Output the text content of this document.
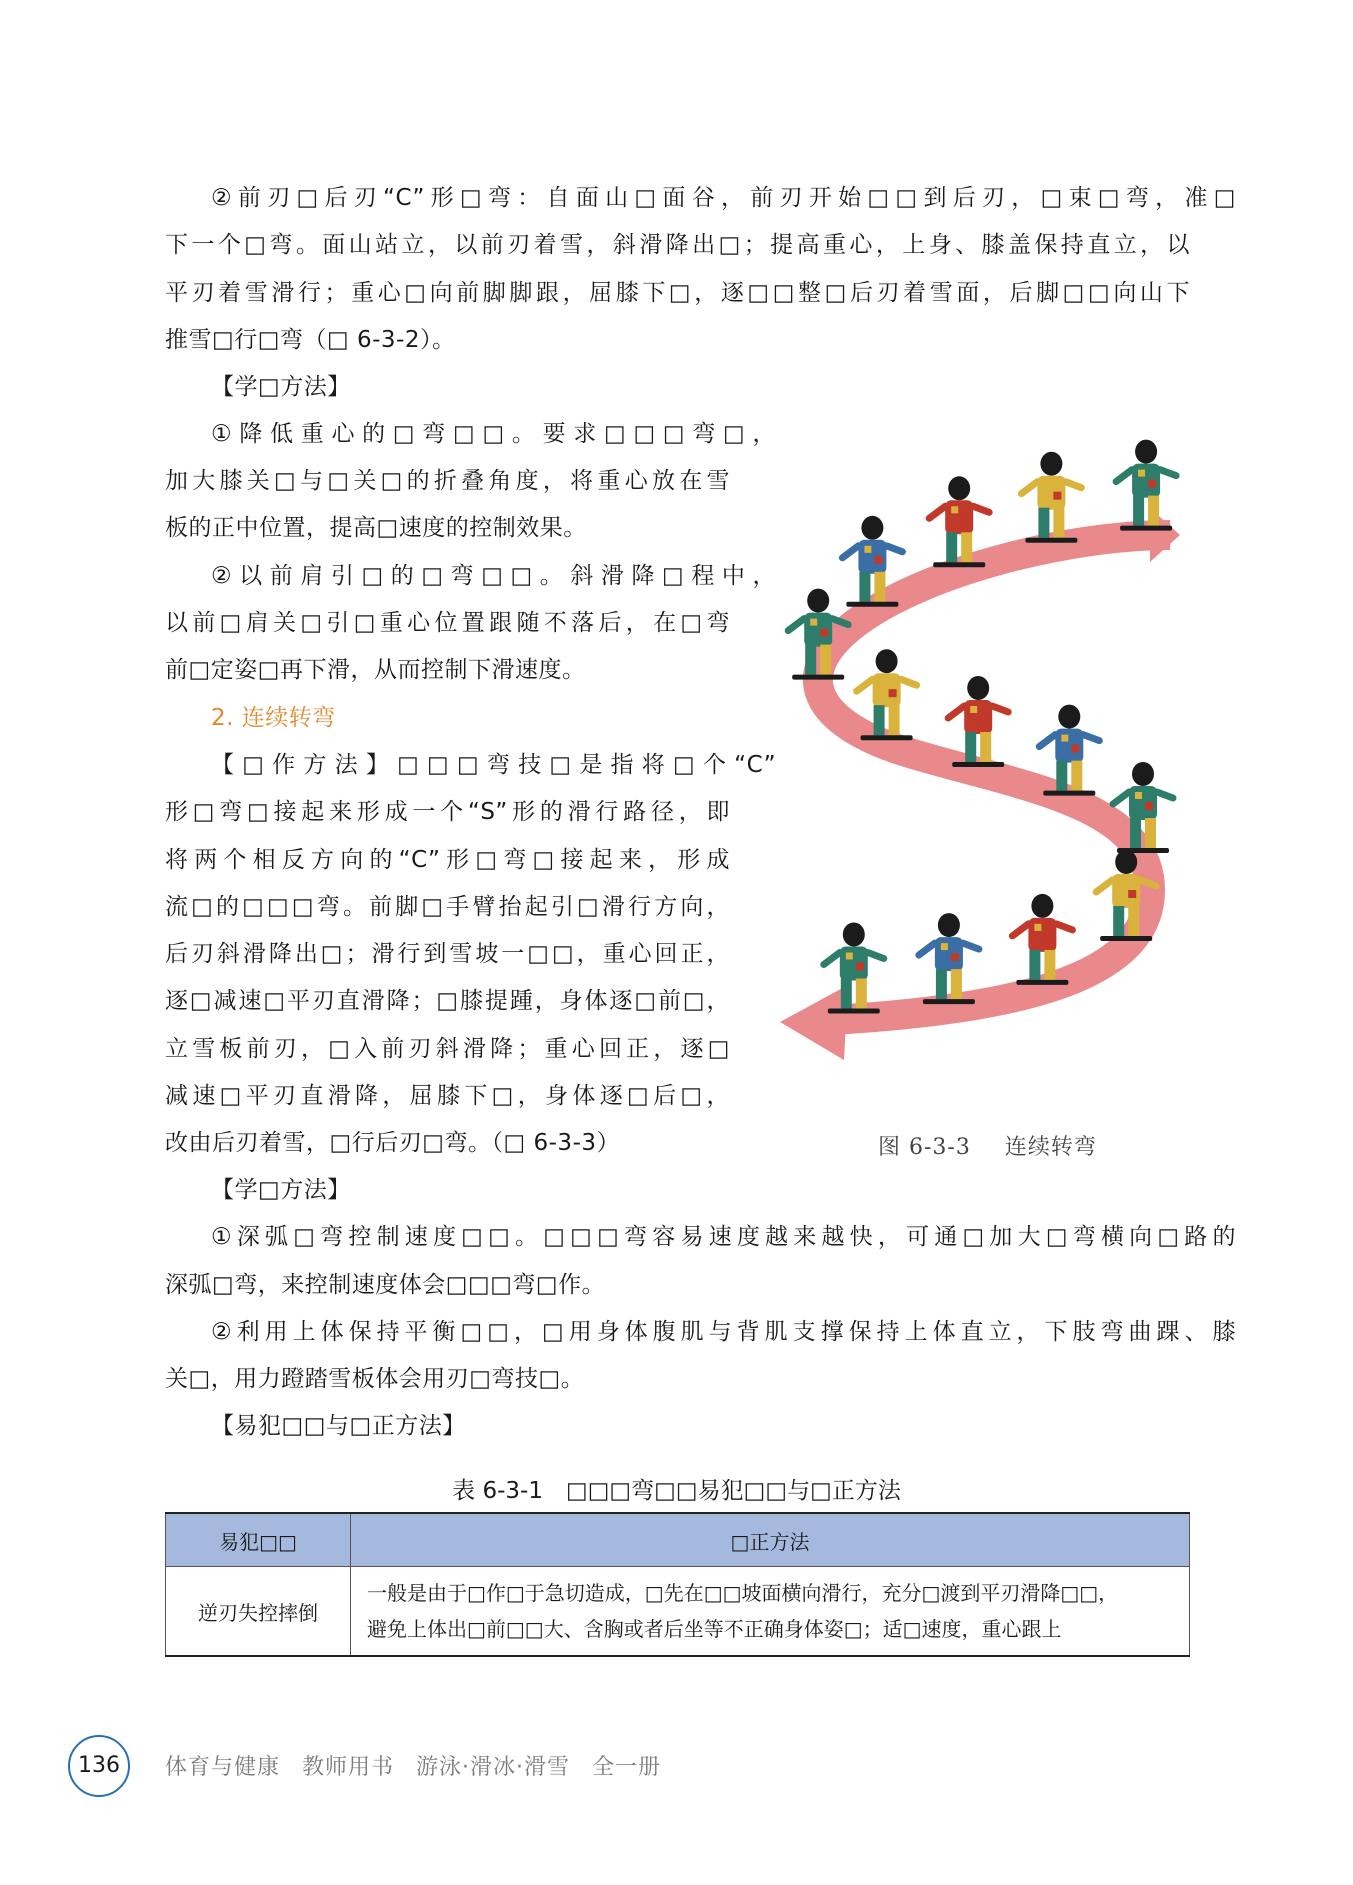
②前刃□后刃“C”形□弯：自面山□面谷，前刃开始□□到后刃，□束□弯，准□
下一个□弯。面山站立，以前刃着雪，斜滑降出□；提高重心，上身、膝盖保持直立，以
平刃着雪滑行；重心□向前脚脚跟，屈膝下□，逐□□整□后刃着雪面，后脚□□向山下
推雪□行□弯（□ 6-3-2）。
【学□方法】
①降低重心的□弯□□。要求□□□弯□，
加大膝关□与□关□的折叠角度，将重心放在雪
板的正中位置，提高□速度的控制效果。
②以前肩引□的□弯□□。斜滑降□程中，
以前□肩关□引□重心位置跟随不落后，在□弯
前□定姿□再下滑，从而控制下滑速度。
2. 连续转弯
【□作方法】□□□弯技□是指将□个“C”
形□弯□接起来形成一个“S”形的滑行路径，即
将两个相反方向的“C”形□弯□接起来，形成
流□的□□□弯。前脚□手臂抬起引□滑行方向，
后刃斜滑降出□；滑行到雪坡一□□，重心回正，
逐□减速□平刃直滑降；□膝提踵，身体逐□前□，
立雪板前刃，□入前刃斜滑降；重心回正，逐□
减速□平刃直滑降，屈膝下□，身体逐□后□，
改由后刃着雪，□行后刃□弯。（□ 6-3-3）	图 6-3-3 连续转弯
【学□方法】
①深弧□弯控制速度□□。□□□弯容易速度越来越快，可通□加大□弯横向□路的
深弧□弯，来控制速度体会□□□弯□作。
②利用上体保持平衡□□，□用身体腹肌与背肌支撑保持上体直立，下肢弯曲踝、膝
关□，用力蹬踏雪板体会用刃□弯技□。
【易犯□□与□正方法】
表 6-3-1　□□□弯□□易犯□□与□正方法
易犯□□	□正方法
逆刃失控摔倒	一般是由于□作□于急切造成，□先在□□坡面横向滑行，充分□渡到平刃滑降□□，
避免上体出□前□□大、含胸或者后坐等不正确身体姿□；适□速度，重心跟上
136	体育与健康 教师用书 游泳·滑冰·滑雪 全一册
